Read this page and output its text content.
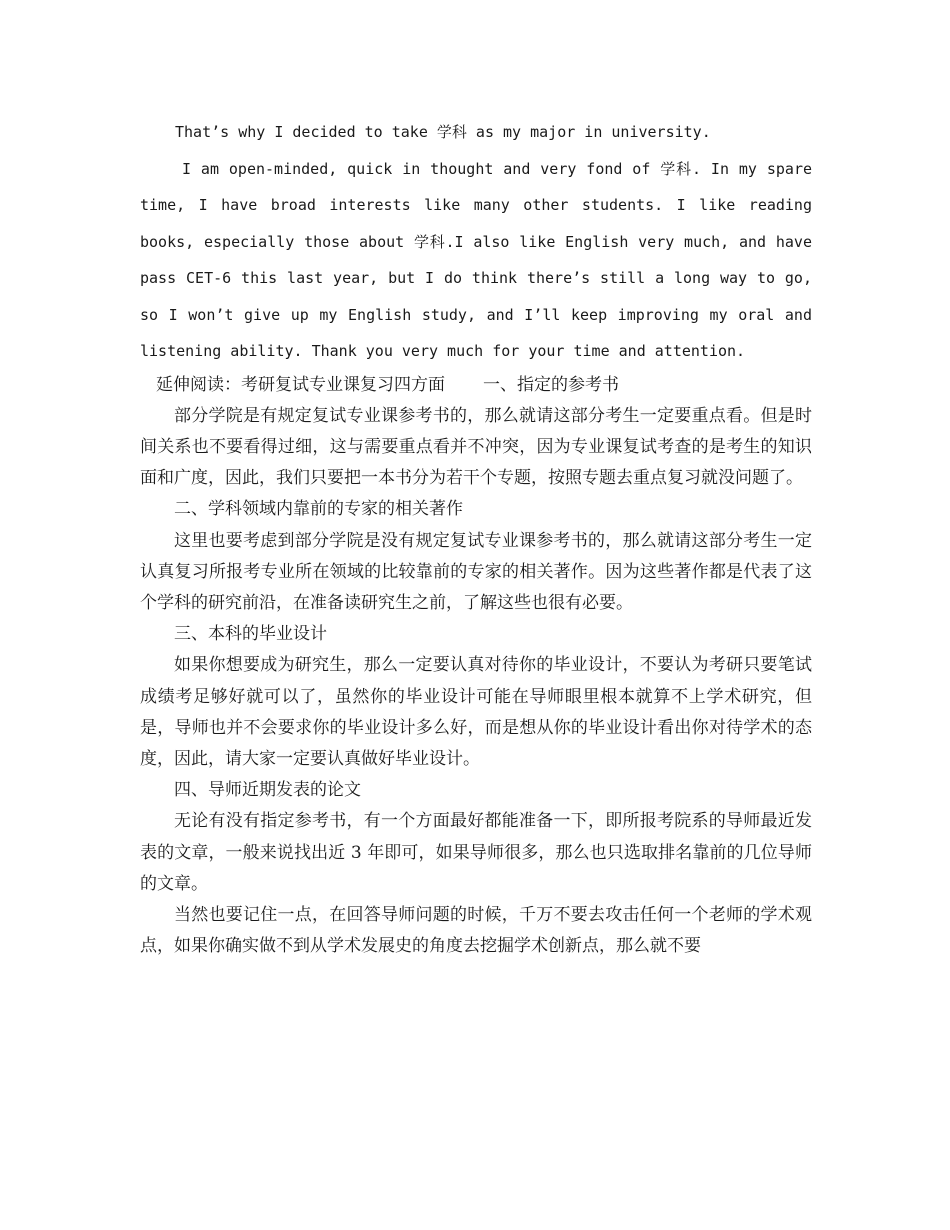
That’s why I decided to take 学科 as my major in university.

I am open-minded, quick in thought and very fond of 学科. In my spare time, I have broad interests like many other students. I like reading books, especially those about 学科.I also like English very much, and have pass CET-6 this last year, but I do think there’s still a long way to go, so I won’t give up my English study, and I’ll keep improving my oral and listening ability. Thank you very much for your time and attention.

延伸阅读：考研复试专业课复习四方面 一、指定的参考书

部分学院是有规定复试专业课参考书的，那么就请这部分考生一定要重点看。但是时间关系也不要看得过细，这与需要重点看并不冲突，因为专业课复试考查的是考生的知识面和广度，因此，我们只要把一本书分为若干个专题，按照专题去重点复习就没问题了。

二、学科领域内靠前的专家的相关著作

这里也要考虑到部分学院是没有规定复试专业课参考书的，那么就请这部分考生一定认真复习所报考专业所在领域的比较靠前的专家的相关著作。因为这些著作都是代表了这个学科的研究前沿，在准备读研究生之前，了解这些也很有必要。

三、本科的毕业设计

如果你想要成为研究生，那么一定要认真对待你的毕业设计，不要认为考研只要笔试成绩考足够好就可以了，虽然你的毕业设计可能在导师眼里根本就算不上学术研究，但是，导师也并不会要求你的毕业设计多么好，而是想从你的毕业设计看出你对待学术的态度，因此，请大家一定要认真做好毕业设计。

四、导师近期发表的论文

无论有没有指定参考书，有一个方面最好都能准备一下，即所报考院系的导师最近发表的文章，一般来说找出近 3 年即可，如果导师很多，那么也只选取排名靠前的几位导师的文章。

当然也要记住一点，在回答导师问题的时候，千万不要去攻击任何一个老师的学术观点，如果你确实做不到从学术发展史的角度去挖掘学术创新点，那么就不要
